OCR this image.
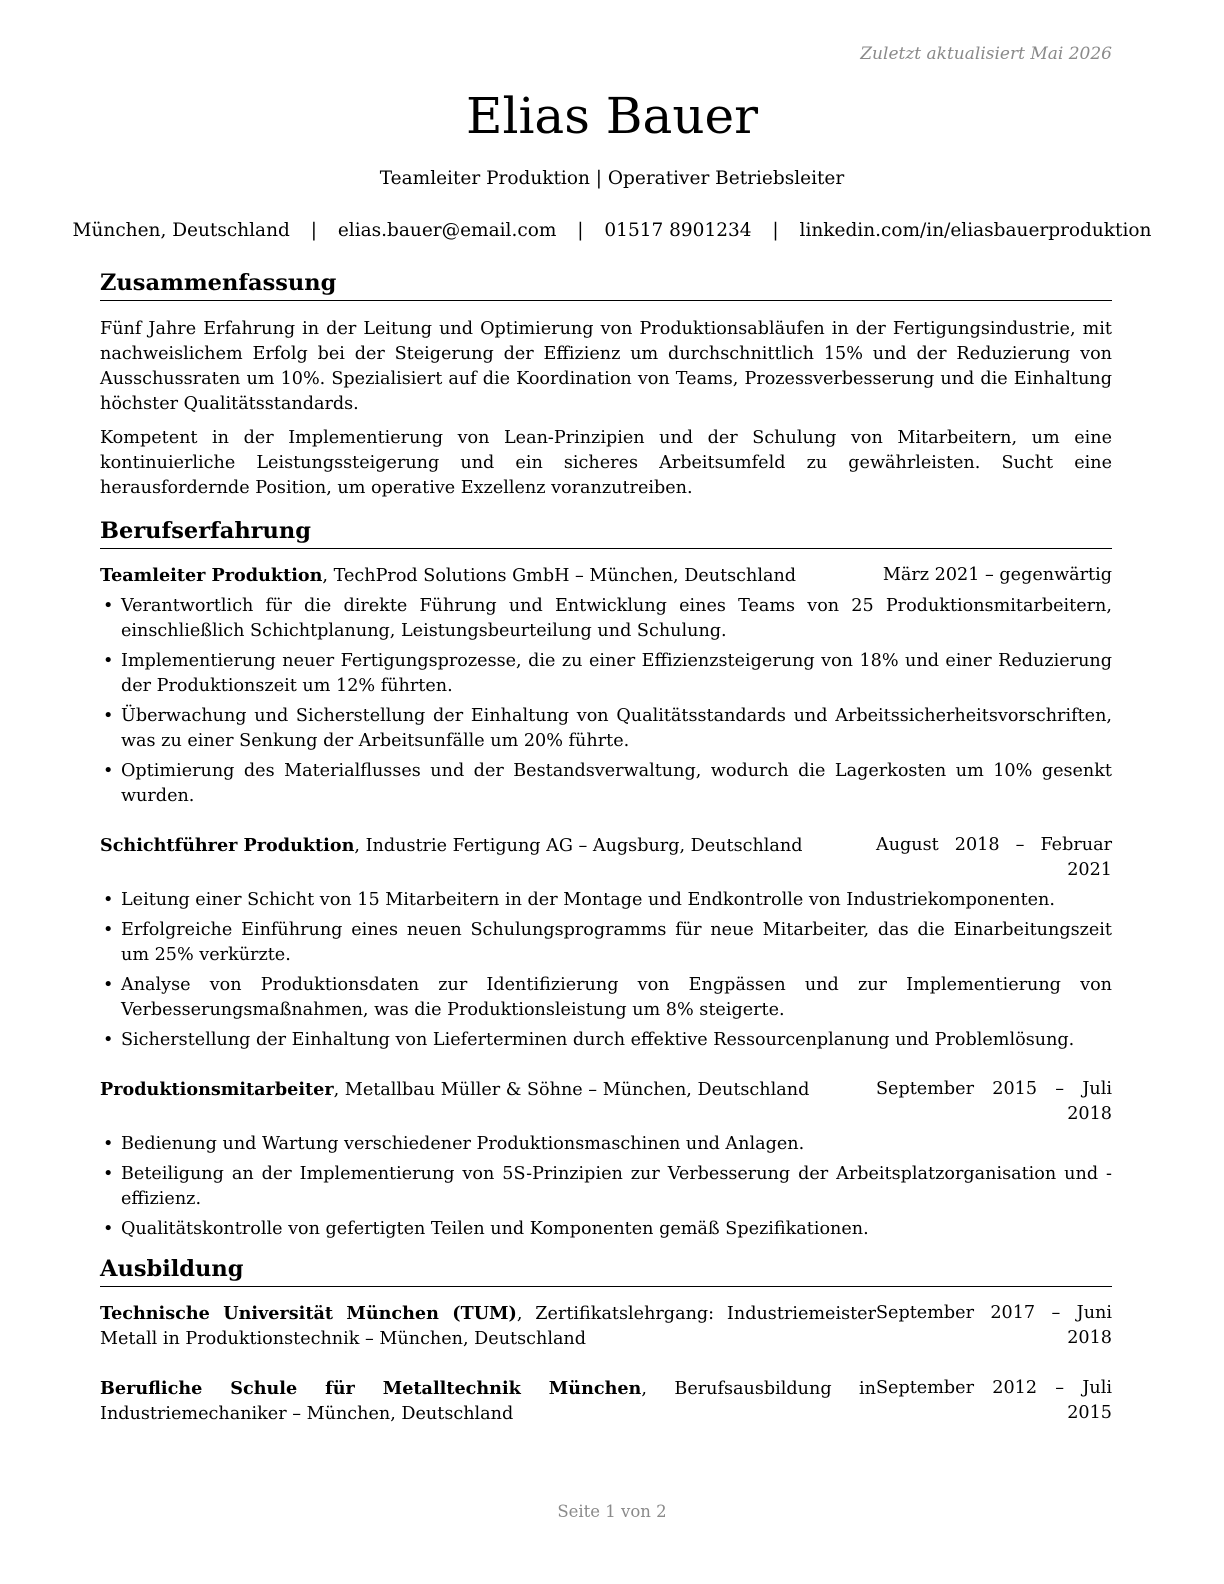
Zuletzt aktualisiert Mai 2026
Elias Bauer
Teamleiter Produktion | Operativer Betriebsleiter
München, Deutschland | elias.bauer@email.com | 01517 8901234 | linkedin.com/in/eliasbauerproduktion
Zusammenfassung

Fünf Jahre Erfahrung in der Leitung und Optimierung von Produktionsabläufen in der Fertigungsindustrie, mit nachweislichem Erfolg bei der Steigerung der Effizienz um durchschnittlich 15% und der Reduzierung von Ausschussraten um 10%. Spezialisiert auf die Koordination von Teams, Prozessverbesserung und die Einhaltung höchster Qualitätsstandards.

Kompetent in der Implementierung von Lean-Prinzipien und der Schulung von Mitarbeitern, um eine kontinuierliche Leistungssteigerung und ein sicheres Arbeitsumfeld zu gewährleisten. Sucht eine herausfordernde Position, um operative Exzellenz voranzutreiben.

Berufserfahrung
Teamleiter Produktion, TechProd Solutions GmbH – München, Deutschland	März 2021 – gegenwärtig
• Verantwortlich für die direkte Führung und Entwicklung eines Teams von 25 Produktionsmitarbeitern, einschließlich Schichtplanung, Leistungsbeurteilung und Schulung.
• Implementierung neuer Fertigungsprozesse, die zu einer Effizienzsteigerung von 18% und einer Reduzierung der Produktionszeit um 12% führten.
• Überwachung und Sicherstellung der Einhaltung von Qualitätsstandards und Arbeitssicherheitsvorschriften, was zu einer Senkung der Arbeitsunfälle um 20% führte.
• Optimierung des Materialflusses und der Bestandsverwaltung, wodurch die Lagerkosten um 10% gesenkt wurden.
Schichtführer Produktion, Industrie Fertigung AG – Augsburg, Deutschland	August 2018 – Februar 2021
• Leitung einer Schicht von 15 Mitarbeitern in der Montage und Endkontrolle von Industriekomponenten.
• Erfolgreiche Einführung eines neuen Schulungsprogramms für neue Mitarbeiter, das die Einarbeitungszeit um 25% verkürzte.
• Analyse von Produktionsdaten zur Identifizierung von Engpässen und zur Implementierung von Verbesserungsmaßnahmen, was die Produktionsleistung um 8% steigerte.
• Sicherstellung der Einhaltung von Lieferterminen durch effektive Ressourcenplanung und Problemlösung.
Produktionsmitarbeiter, Metallbau Müller & Söhne – München, Deutschland	September 2015 – Juli 2018
• Bedienung und Wartung verschiedener Produktionsmaschinen und Anlagen.
• Beteiligung an der Implementierung von 5S-Prinzipien zur Verbesserung der Arbeitsplatzorganisation und -effizienz.
• Qualitätskontrolle von gefertigten Teilen und Komponenten gemäß Spezifikationen.
Ausbildung
Technische Universität München (TUM), Zertifikatslehrgang: Industriemeister Metall in Produktionstechnik – München, Deutschland
September 2017 – Juni 2018
Berufliche Schule für Metalltechnik München, Berufsausbildung in Industriemechaniker – München, Deutschland
September 2012 – Juli 2015
Seite 1 von 2
